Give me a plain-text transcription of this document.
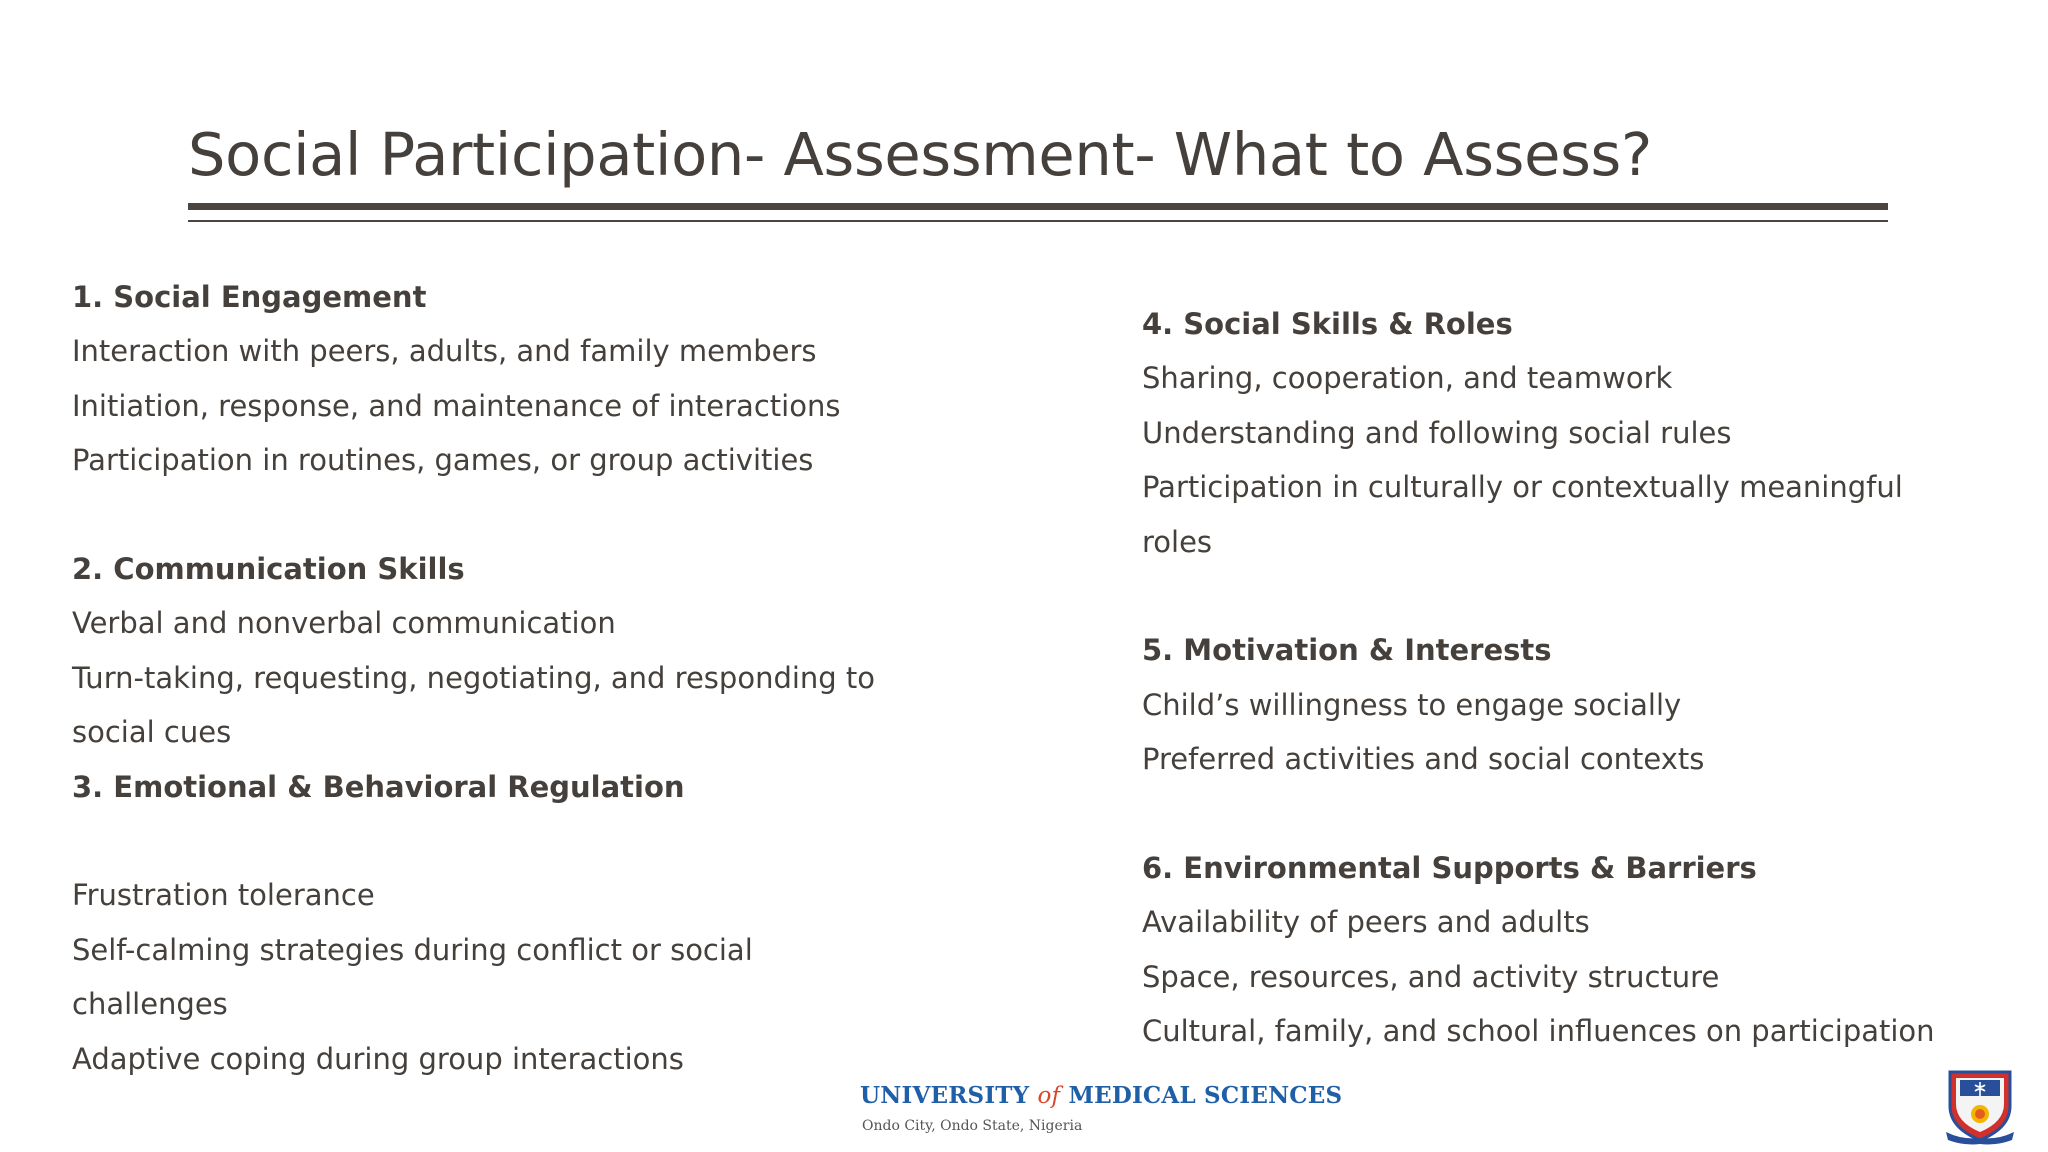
Social Participation- Assessment- What to Assess?

1. Social Engagement

Interaction with peers, adults, and family members

Initiation, response, and maintenance of interactions

Participation in routines, games, or group activities

2. Communication Skills

Verbal and nonverbal communication

Turn-taking, requesting, negotiating, and responding to

social cues

3. Emotional & Behavioral Regulation

Frustration tolerance

Self-calming strategies during conflict or social

challenges

Adaptive coping during group interactions

4. Social Skills & Roles

Sharing, cooperation, and teamwork

Understanding and following social rules

Participation in culturally or contextually meaningful

roles

5. Motivation & Interests

Child’s willingness to engage socially

Preferred activities and social contexts

6. Environmental Supports & Barriers

Availability of peers and adults

Space, resources, and activity structure

Cultural, family, and school influences on participation

UNIVERSITY of MEDICAL SCIENCES
Ondo City, Ondo State, Nigeria
